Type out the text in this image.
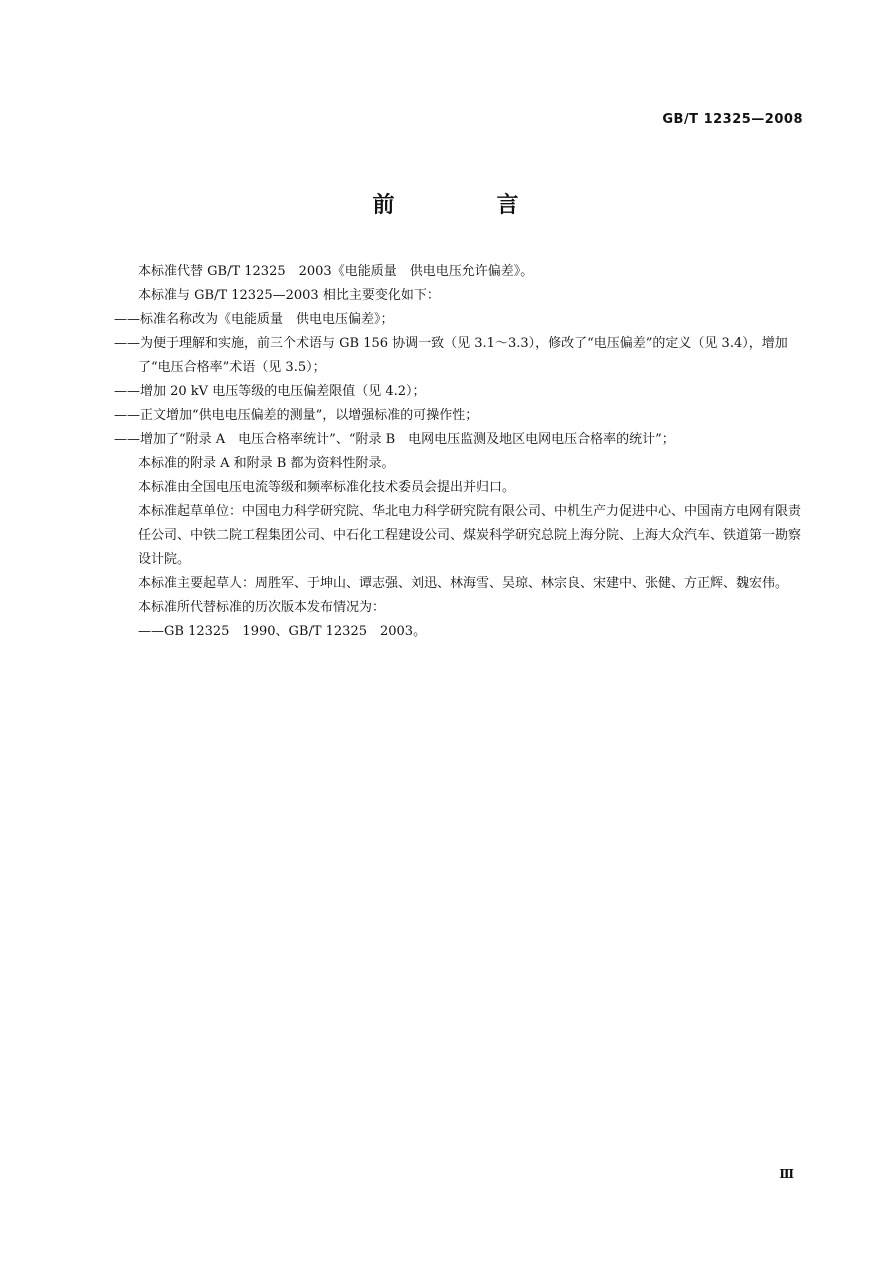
GB/T 12325—2008
前　言

本标准代替 GB/T 12325　2003《电能质量　供电电压允许偏差》。

本标准与 GB/T 12325—2003 相比主要变化如下：

——标准名称改为《电能质量　供电电压偏差》；

——为便于理解和实施，前三个术语与 GB 156 协调一致（见 3.1～3.3），修改了“电压偏差”的定义（见 3.4），增加了“电压合格率”术语（见 3.5）；

——增加 20 kV 电压等级的电压偏差限值（见 4.2）；

——正文增加“供电电压偏差的测量”，以增强标准的可操作性；

——增加了“附录 A　电压合格率统计”、“附录 B　电网电压监测及地区电网电压合格率的统计”；

本标准的附录 A 和附录 B 都为资料性附录。

本标准由全国电压电流等级和频率标准化技术委员会提出并归口。

本标准起草单位：中国电力科学研究院、华北电力科学研究院有限公司、中机生产力促进中心、中国南方电网有限责任公司、中铁二院工程集团公司、中石化工程建设公司、煤炭科学研究总院上海分院、上海大众汽车、铁道第一勘察设计院。

本标准主要起草人：周胜军、于坤山、谭志强、刘迅、林海雪、吴琼、林宗良、宋建中、张健、方正辉、魏宏伟。

本标准所代替标准的历次版本发布情况为：

——GB 12325　1990、GB/T 12325　2003。

Ⅲ
